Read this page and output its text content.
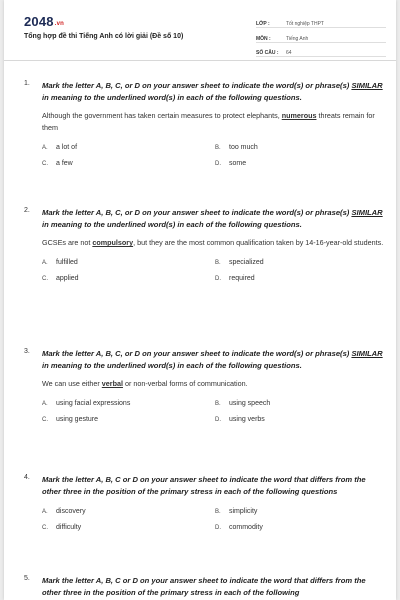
2048.vn
Tổng hợp đề thi Tiếng Anh có lời giải (Đề số 10)
LỚP :	Tốt nghiệp THPT
MÔN :	Tiếng Anh
SỐ CÂU :	64
1. Mark the letter A, B, C, or D on your answer sheet to indicate the word(s) or phrase(s) SIMILAR in meaning to the underlined word(s) in each of the following questions.
Although the government has taken certain measures to protect elephants, numerous threats remain for them
A.	a lot of	B.	too much
C.	a few	D.	some
2. Mark the letter A, B, C, or D on your answer sheet to indicate the word(s) or phrase(s) SIMILAR in meaning to the underlined word(s) in each of the following questions.
GCSEs are not compulsory, but they are the most common qualification taken by 14-16-year-old students.
A.	fulfilled	B.	specialized
C.	applied	D.	required
3. Mark the letter A, B, C, or D on your answer sheet to indicate the word(s) or phrase(s) SIMILAR in meaning to the underlined word(s) in each of the following questions.
We can use either verbal or non-verbal forms of communication.
A.	using facial expressions	B.	using speech
C.	using gesture	D.	using verbs
4. Mark the letter A, B, C or D on your answer sheet to indicate the word that differs from the other three in the position of the primary stress in each of the following questions
A.	discovery	B.	simplicity
C.	difficulty	D.	commodity
5. Mark the letter A, B, C or D on your answer sheet to indicate the word that differs from the other three in the position of the primary stress in each of the following
